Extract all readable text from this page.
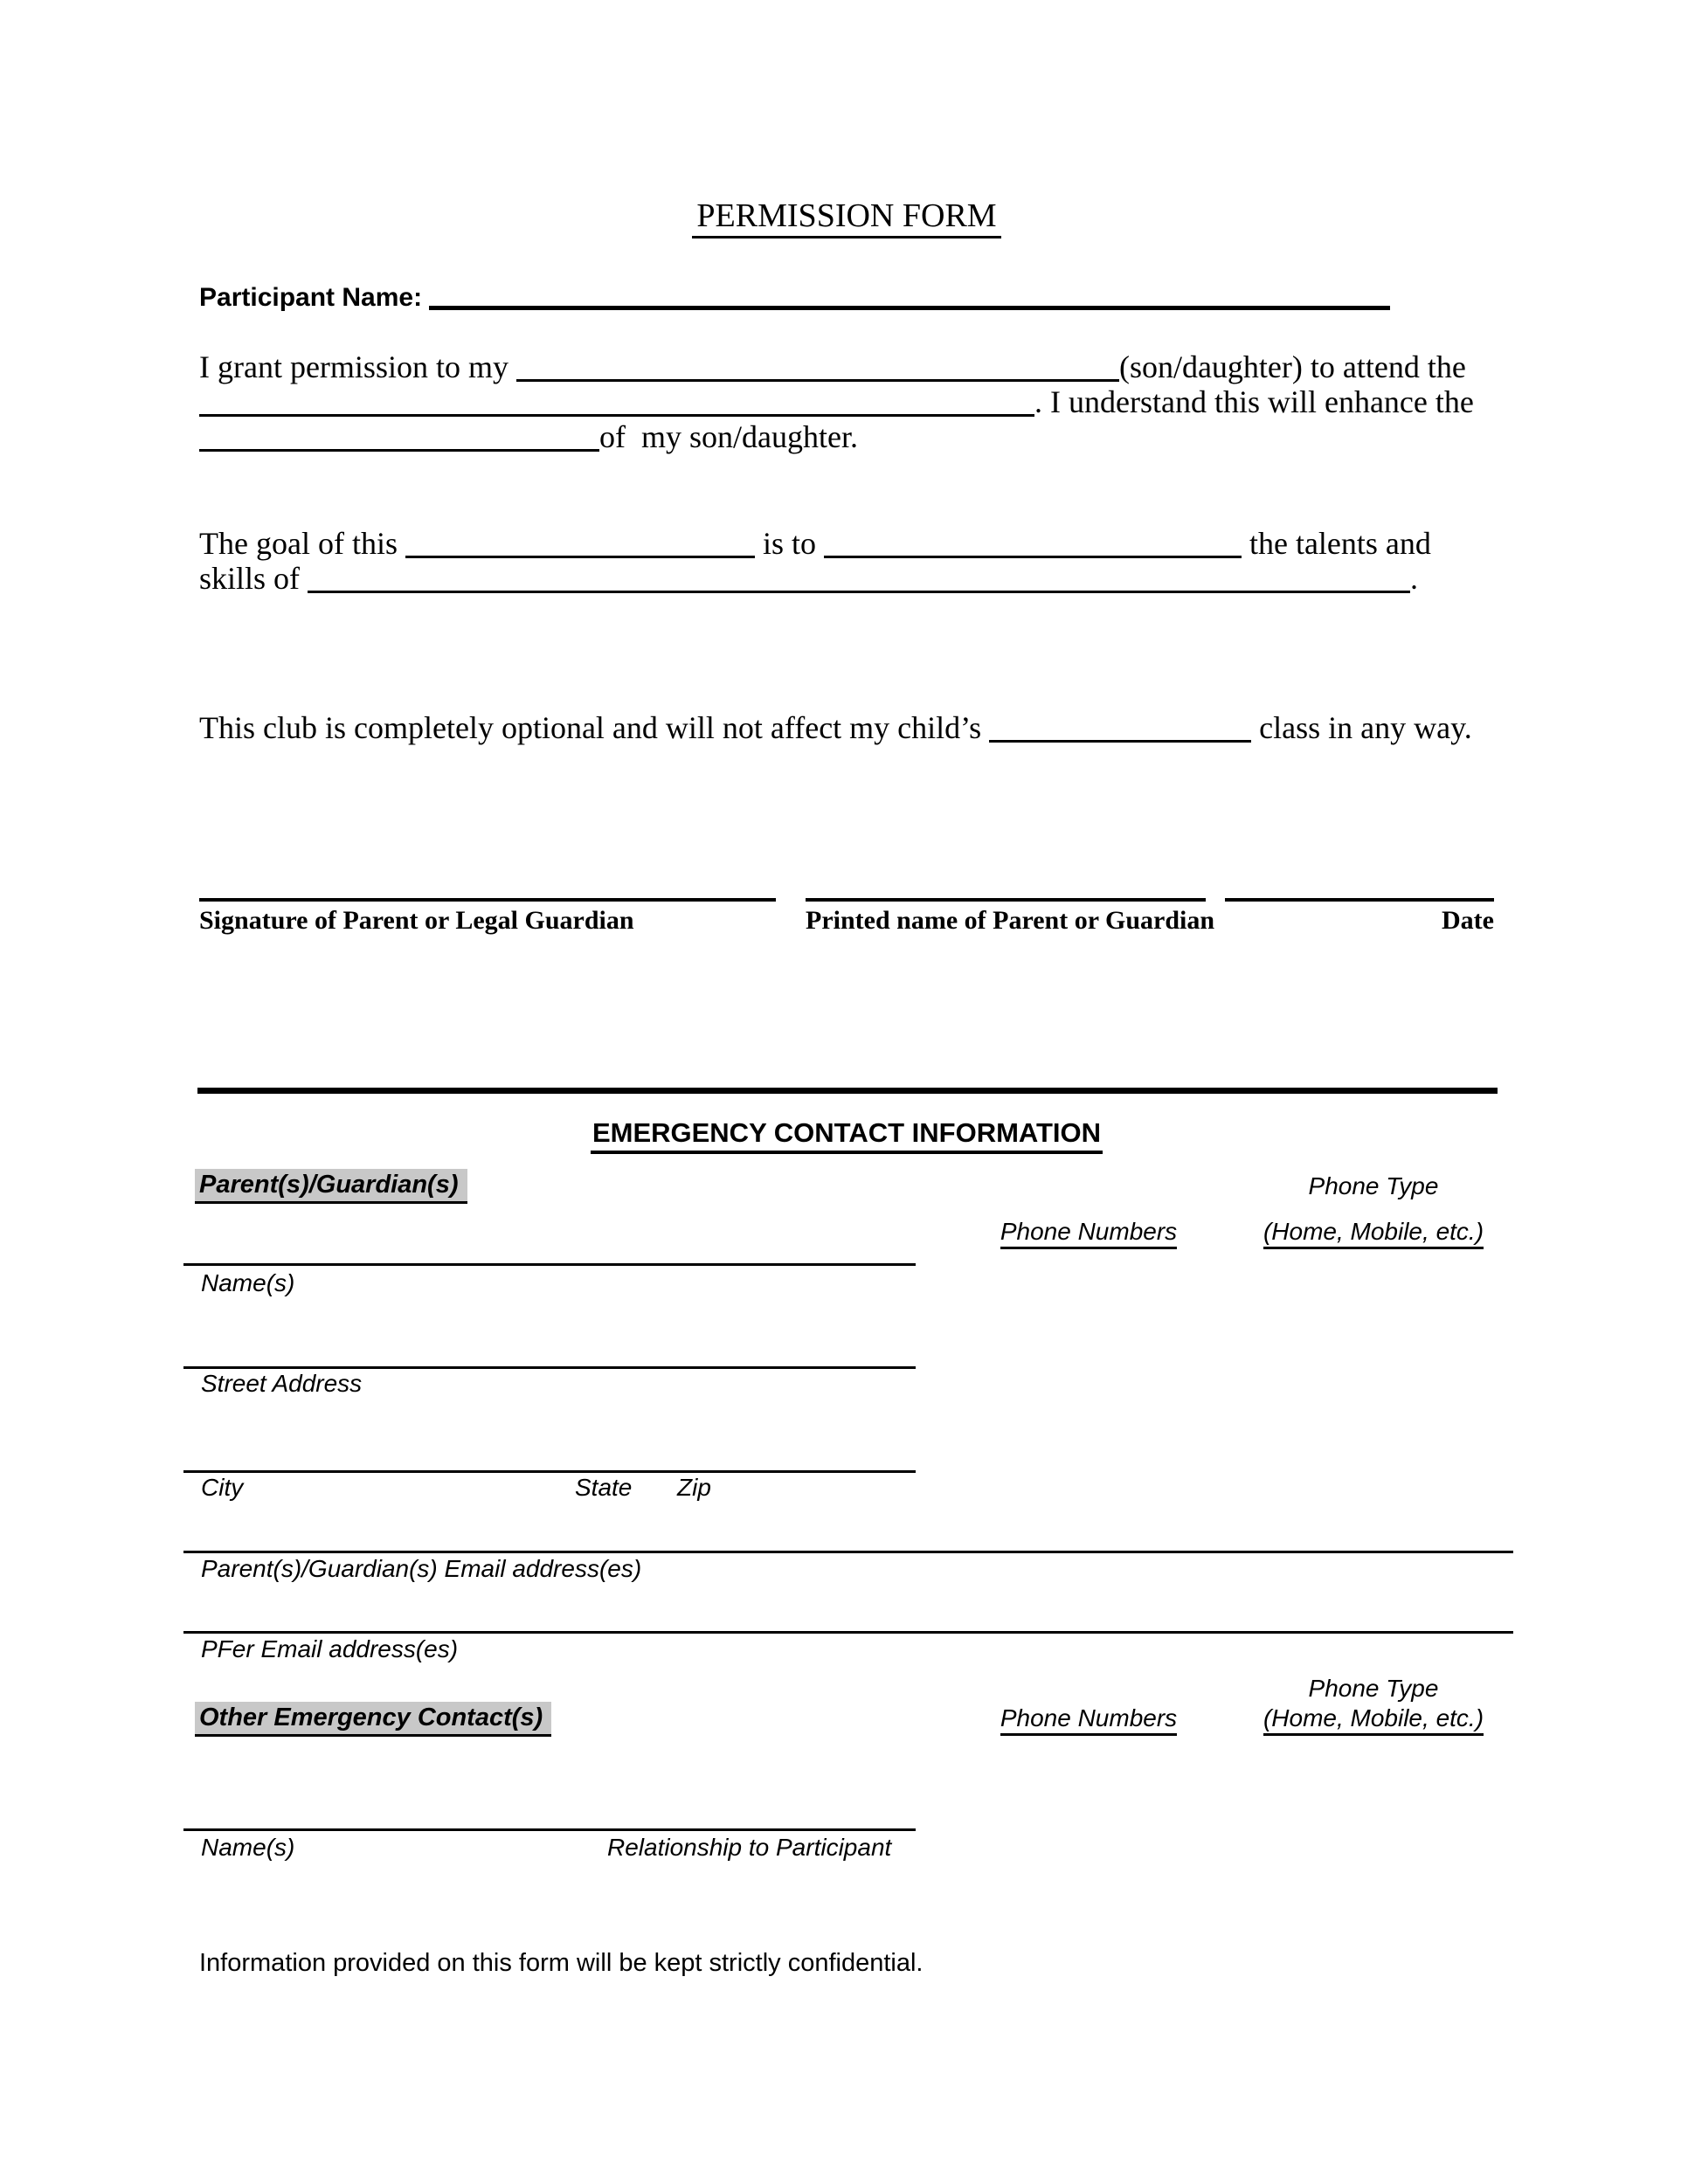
PERMISSION FORM
Participant Name:
I grant permission to my	(son/daughter) to attend the
. I understand this will enhance the
of  my son/daughter.
The goal of this	is to	the talents and
skills of	.
This club is completely optional and will not affect my child’s	class in any way.
Signature of Parent or Legal Guardian	Printed name of Parent or Guardian	Date
EMERGENCY CONTACT INFORMATION
Parent(s)/Guardian(s)	Phone Type
Phone Numbers	(Home, Mobile, etc.)
Name(s)
Street Address
City	State Zip
Parent(s)/Guardian(s) Email address(es)
PFer Email address(es)
Phone Type
Other Emergency Contact(s)	Phone Numbers	(Home, Mobile, etc.)
Name(s)	Relationship to Participant
Information provided on this form will be kept strictly confidential.
